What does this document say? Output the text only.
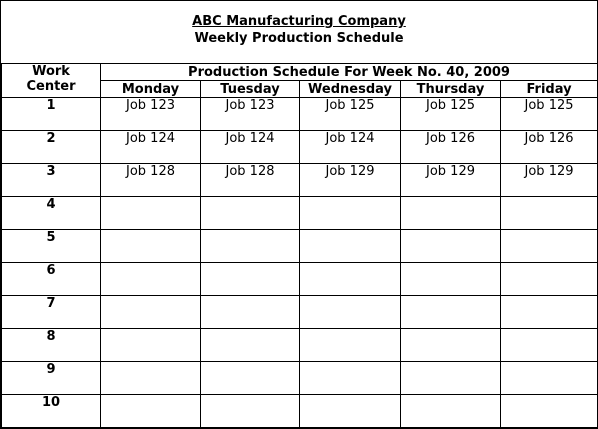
ABC Manufacturing Company
Weekly Production Schedule
Work
Center	Production Schedule For Week No. 40, 2009				
	Monday	Tuesday	Wednesday	Thursday	Friday
1	Job 123	Job 123	Job 125	Job 125	Job 125
2	Job 124	Job 124	Job 124	Job 126	Job 126
3	Job 128	Job 128	Job 129	Job 129	Job 129
4					
5					
6					
7					
8					
9					
10					
